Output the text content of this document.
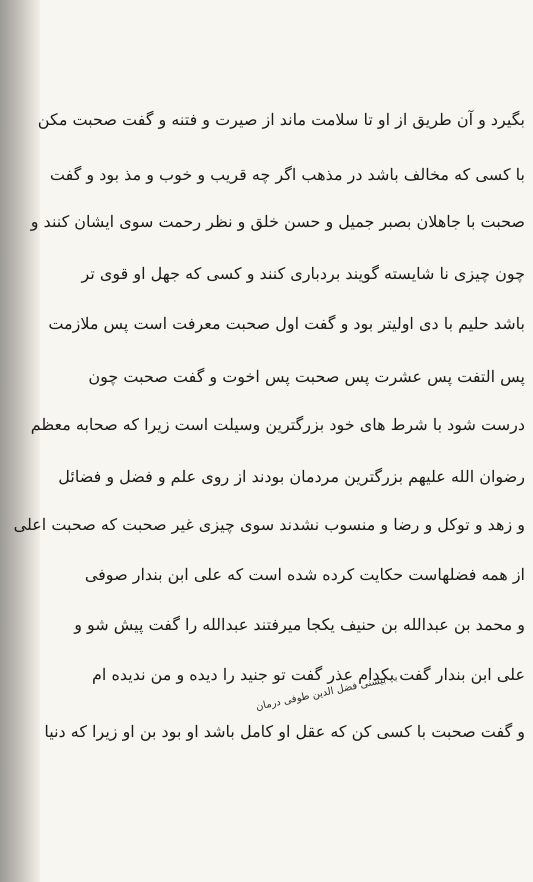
بگیرد و آن طریق از او تا سلامت ماند از صیرت و فتنه و گفت صحبت مکن

با کسی که مخالف باشد در مذهب اگر چه قریب و خوب و مذ بود و گفت

صحبت با جاهلان بصبر جمیل و حسن خلق و نظر رحمت سوی ایشان کنند و

چون چیزی نا شایسته گویند بردباری کنند و کسی که جهل او قوی تر

باشد حلیم با دی اولیتر بود و گفت اول صحبت معرفت است پس ملازمت

پس التفت پس عشرت پس صحبت پس اخوت و گفت صحبت چون

درست شود با شرط های خود بزرگترین وسیلت است زیرا که صحابه معظم

رضوان الله علیهم بزرگترین مردمان بودند از روی علم و فضل و فضائل

و زهد و توکل و رضا و منسوب نشدند سوی چیزی غیر صحبت که صحبت اعلی

از همه فضلهاست حکایت کرده شده است که علی ابن بندار صوفی

و محمد بن عبدالله بن حنیف یکجا میرفتند عبدالله را گفت پیش شو و

علی ابن بندار گفت بکدام عذر گفت تو جنید را دیده و من ندیده ام

و گفت صحبت با کسی کن که عقل او کامل باشد او بود بن او زیرا که دنیا

بہ بیشنی فضل الدین طوفی درمان
